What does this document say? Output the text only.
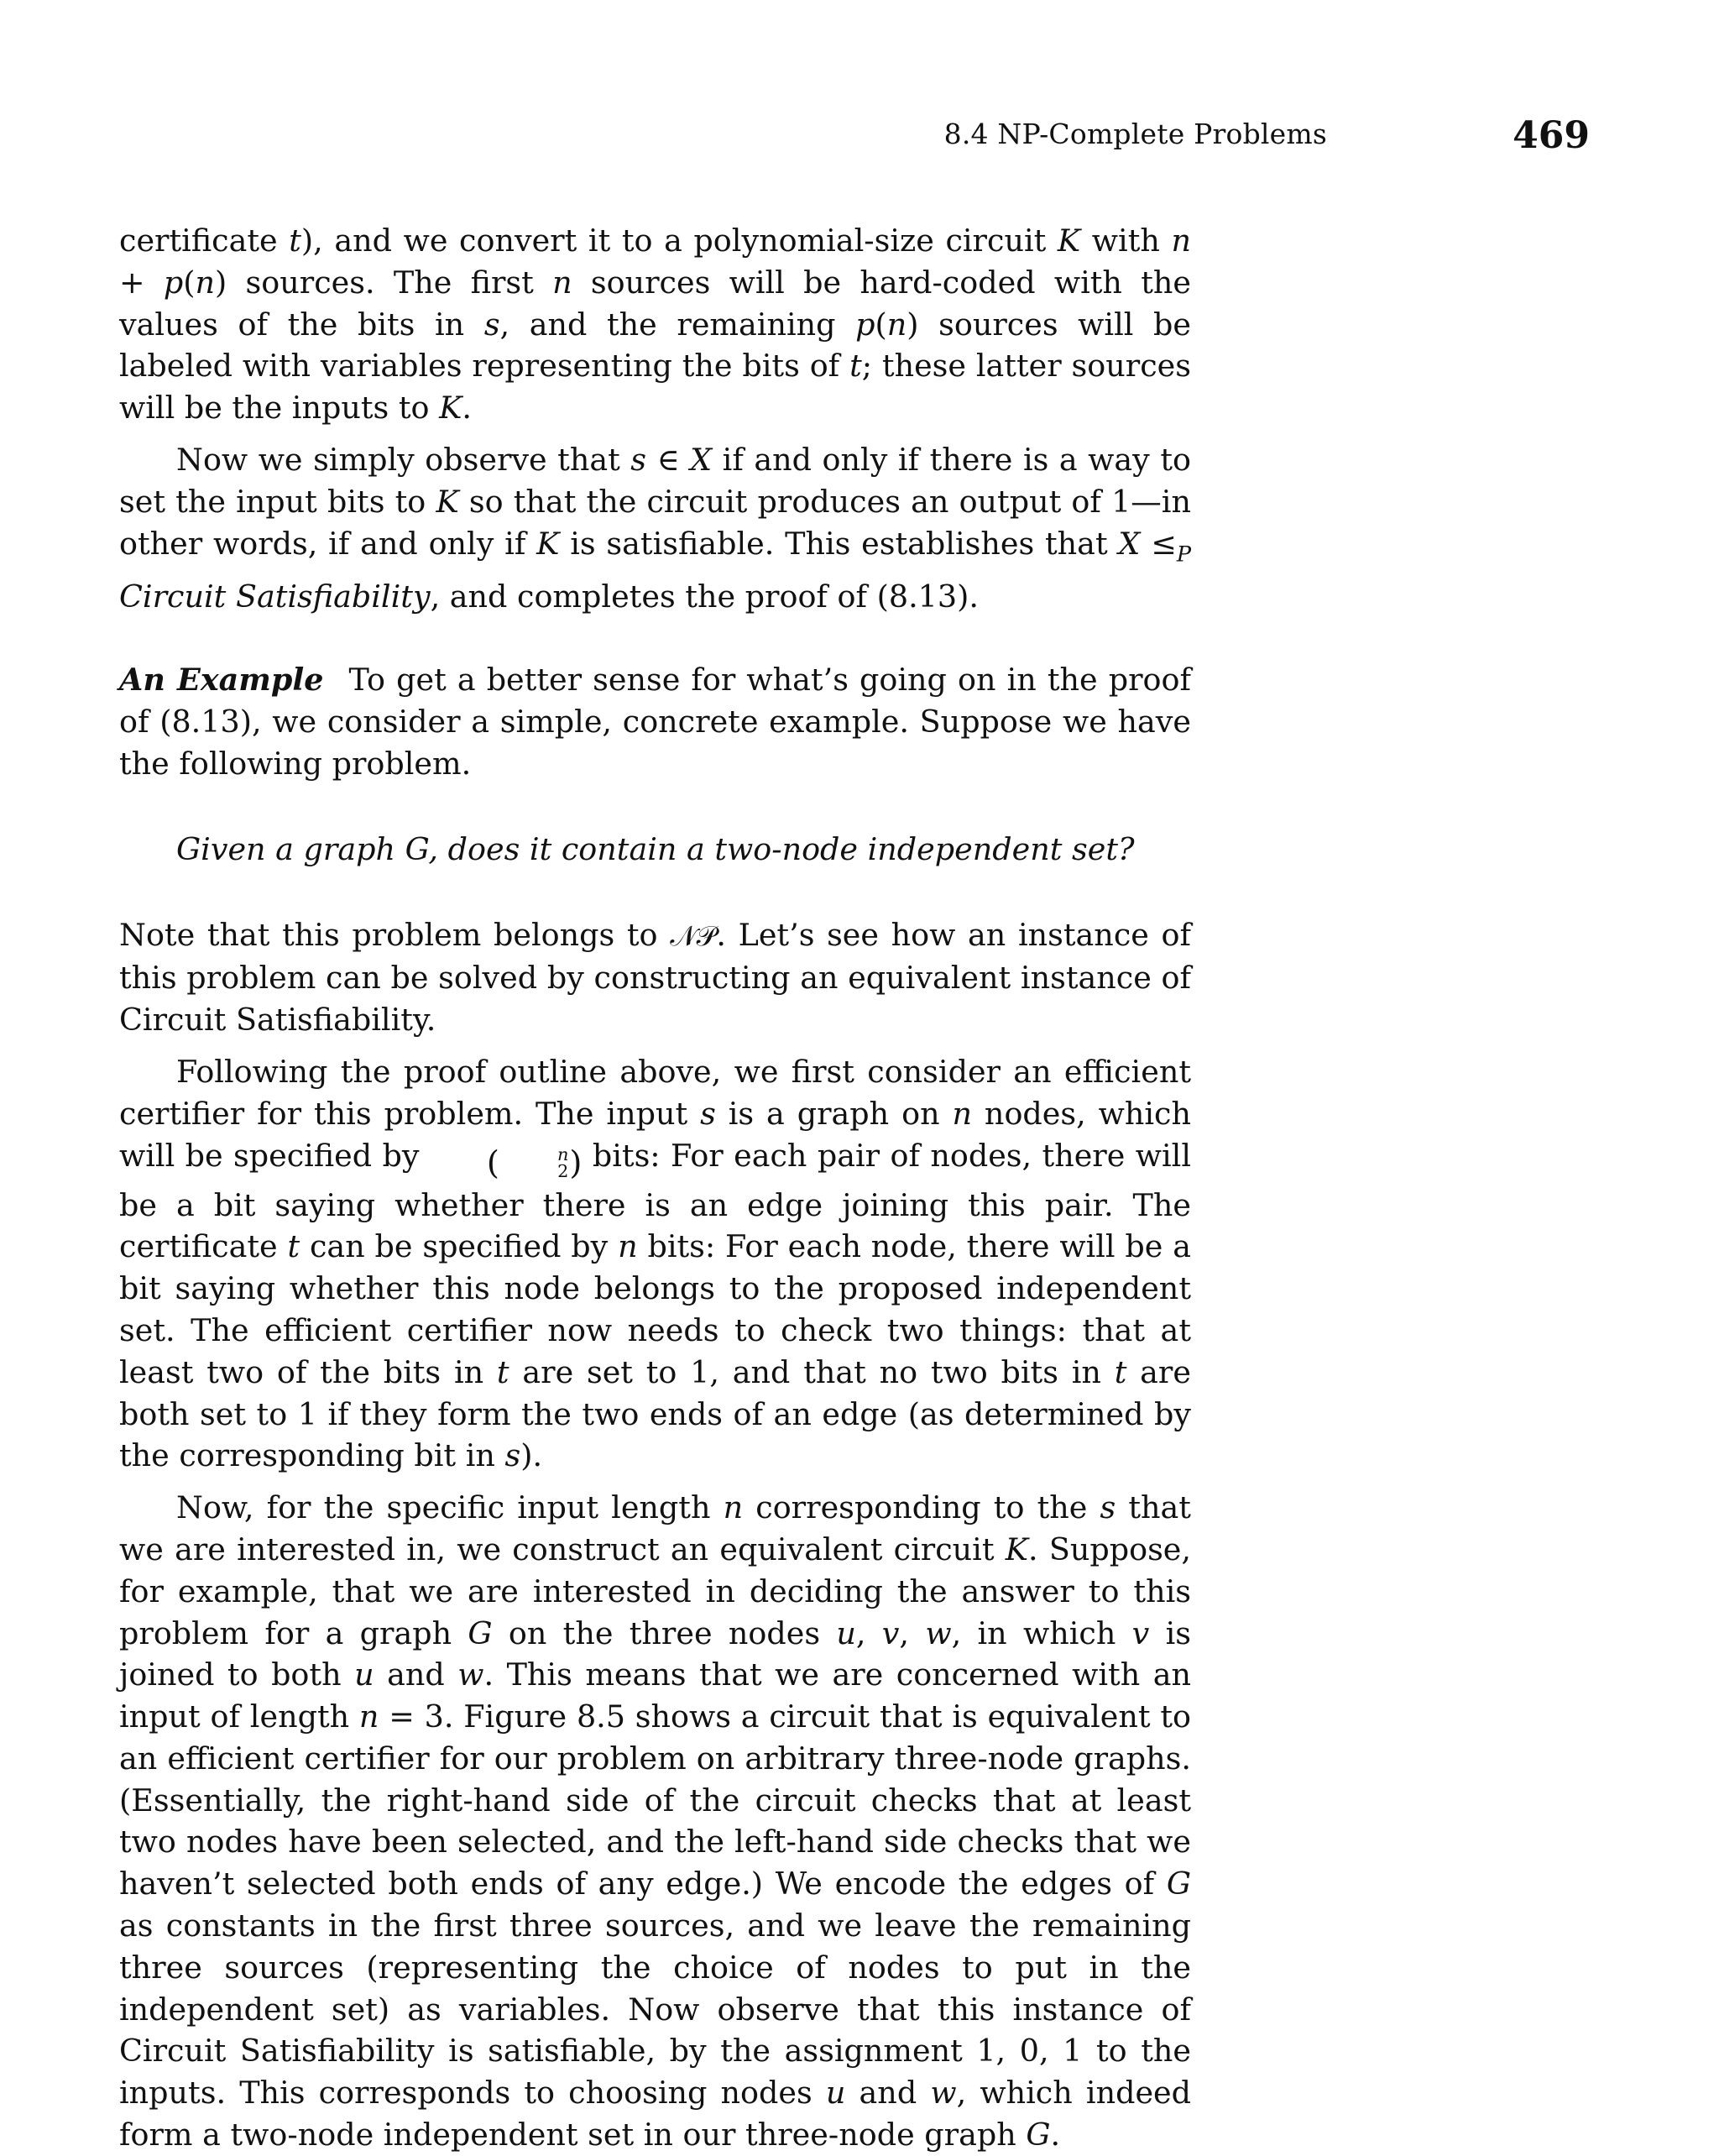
8.4 NP-Complete Problems	469

certificate t), and we convert it to a polynomial-size circuit K with n + p(n) sources. The first n sources will be hard-coded with the values of the bits in s, and the remaining p(n) sources will be labeled with variables representing the bits of t; these latter sources will be the inputs to K.

Now we simply observe that s ∈ X if and only if there is a way to set the input bits to K so that the circuit produces an output of 1—in other words, if and only if K is satisfiable. This establishes that $X \le_P$ Circuit Satisfiability, and completes the proof of (8.13).

An Example To get a better sense for what’s going on in the proof of (8.13), we consider a simple, concrete example. Suppose we have the following problem.

Given a graph G, does it contain a two-node independent set?

Note that this problem belongs to 𝒩𝒫. Let’s see how an instance of this problem can be solved by constructing an equivalent instance of Circuit Satisfiability.

Following the proof outline above, we first consider an efficient certifier for this problem. The input s is a graph on n nodes, which will be specified by (	n
2 ) bits: For each pair of nodes, there will be a bit saying whether there is an edge joining this pair. The certificate t can be specified by n bits: For each node, there will be a bit saying whether this node belongs to the proposed independent set. The efficient certifier now needs to check two things: that at least two of the bits in t are set to 1, and that no two bits in t are both set to 1 if they form the two ends of an edge (as determined by the corresponding bit in s).

Now, for the specific input length n corresponding to the s that we are interested in, we construct an equivalent circuit K. Suppose, for example, that we are interested in deciding the answer to this problem for a graph G on the three nodes u, v, w, in which v is joined to both u and w. This means that we are concerned with an input of length n = 3. Figure 8.5 shows a circuit that is equivalent to an efficient certifier for our problem on arbitrary three-node graphs. (Essentially, the right-hand side of the circuit checks that at least two nodes have been selected, and the left-hand side checks that we haven’t selected both ends of any edge.) We encode the edges of G as constants in the first three sources, and we leave the remaining three sources (representing the choice of nodes to put in the independent set) as variables. Now observe that this instance of Circuit Satisfiability is satisfiable, by the assignment 1, 0, 1 to the inputs. This corresponds to choosing nodes u and w, which indeed form a two-node independent set in our three-node graph G.
